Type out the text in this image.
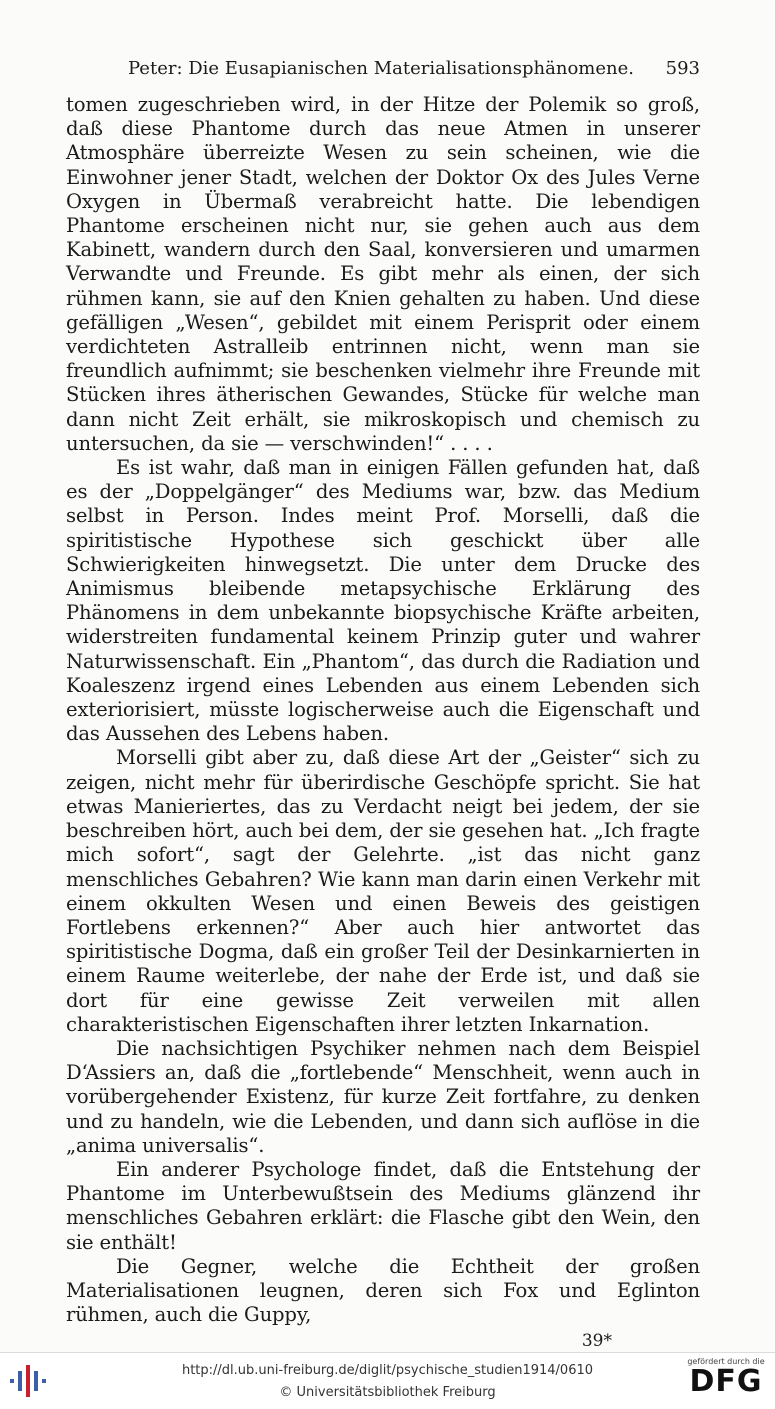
Peter: Die Eusapianischen Materialisationsphänomene. 593

tomen zugeschrieben wird, in der Hitze der Polemik so groß, daß diese Phantome durch das neue Atmen in unserer Atmosphäre überreizte Wesen zu sein scheinen, wie die Einwohner jener Stadt, welchen der Doktor Ox des Jules Verne Oxygen in Übermaß verabreicht hatte. Die lebendigen Phantome erscheinen nicht nur, sie gehen auch aus dem Kabinett, wandern durch den Saal, konversieren und umarmen Verwandte und Freunde. Es gibt mehr als einen, der sich rühmen kann, sie auf den Knien gehalten zu haben. Und diese gefälligen „Wesen“, gebildet mit einem Perisprit oder einem verdichteten Astralleib entrinnen nicht, wenn man sie freundlich aufnimmt; sie beschenken vielmehr ihre Freunde mit Stücken ihres ätherischen Gewandes, Stücke für welche man dann nicht Zeit erhält, sie mikroskopisch und chemisch zu untersuchen, da sie — verschwinden!“ . . . .

Es ist wahr, daß man in einigen Fällen gefunden hat, daß es der „Doppelgänger“ des Mediums war, bzw. das Medium selbst in Person. Indes meint Prof. Morselli, daß die spiritistische Hypothese sich geschickt über alle Schwierigkeiten hinwegsetzt. Die unter dem Drucke des Animismus bleibende metapsychische Erklärung des Phänomens in dem unbekannte biopsychische Kräfte arbeiten, widerstreiten fundamental keinem Prinzip guter und wahrer Naturwissenschaft. Ein „Phantom“, das durch die Radiation und Koaleszenz irgend eines Lebenden aus einem Lebenden sich exteriorisiert, müsste logischerweise auch die Eigenschaft und das Aussehen des Lebens haben.

Morselli gibt aber zu, daß diese Art der „Geister“ sich zu zeigen, nicht mehr für überirdische Geschöpfe spricht. Sie hat etwas Manieriertes, das zu Verdacht neigt bei jedem, der sie beschreiben hört, auch bei dem, der sie gesehen hat. „Ich fragte mich sofort“, sagt der Gelehrte. „ist das nicht ganz menschliches Gebahren? Wie kann man darin einen Verkehr mit einem okkulten Wesen und einen Beweis des geistigen Fortlebens erkennen?“ Aber auch hier antwortet das spiritistische Dogma, daß ein großer Teil der Desinkarnierten in einem Raume weiterlebe, der nahe der Erde ist, und daß sie dort für eine gewisse Zeit verweilen mit allen charakteristischen Eigenschaften ihrer letzten Inkarnation.

Die nachsichtigen Psychiker nehmen nach dem Beispiel D‘Assiers an, daß die „fortlebende“ Menschheit, wenn auch in vorübergehender Existenz, für kurze Zeit fortfahre, zu denken und zu handeln, wie die Lebenden, und dann sich auflöse in die „anima universalis“.

Ein anderer Psychologe findet, daß die Entstehung der Phantome im Unterbewußtsein des Mediums glänzend ihr menschliches Gebahren erklärt: die Flasche gibt den Wein, den sie enthält!

Die Gegner, welche die Echtheit der großen Materialisationen leugnen, deren sich Fox und Eglinton rühmen, auch die Guppy,

39*
http://dl.ub.uni-freiburg.de/diglit/psychische_studien1914/0610
© Universitätsbibliothek Freiburg
gefördert durch die
DFG
